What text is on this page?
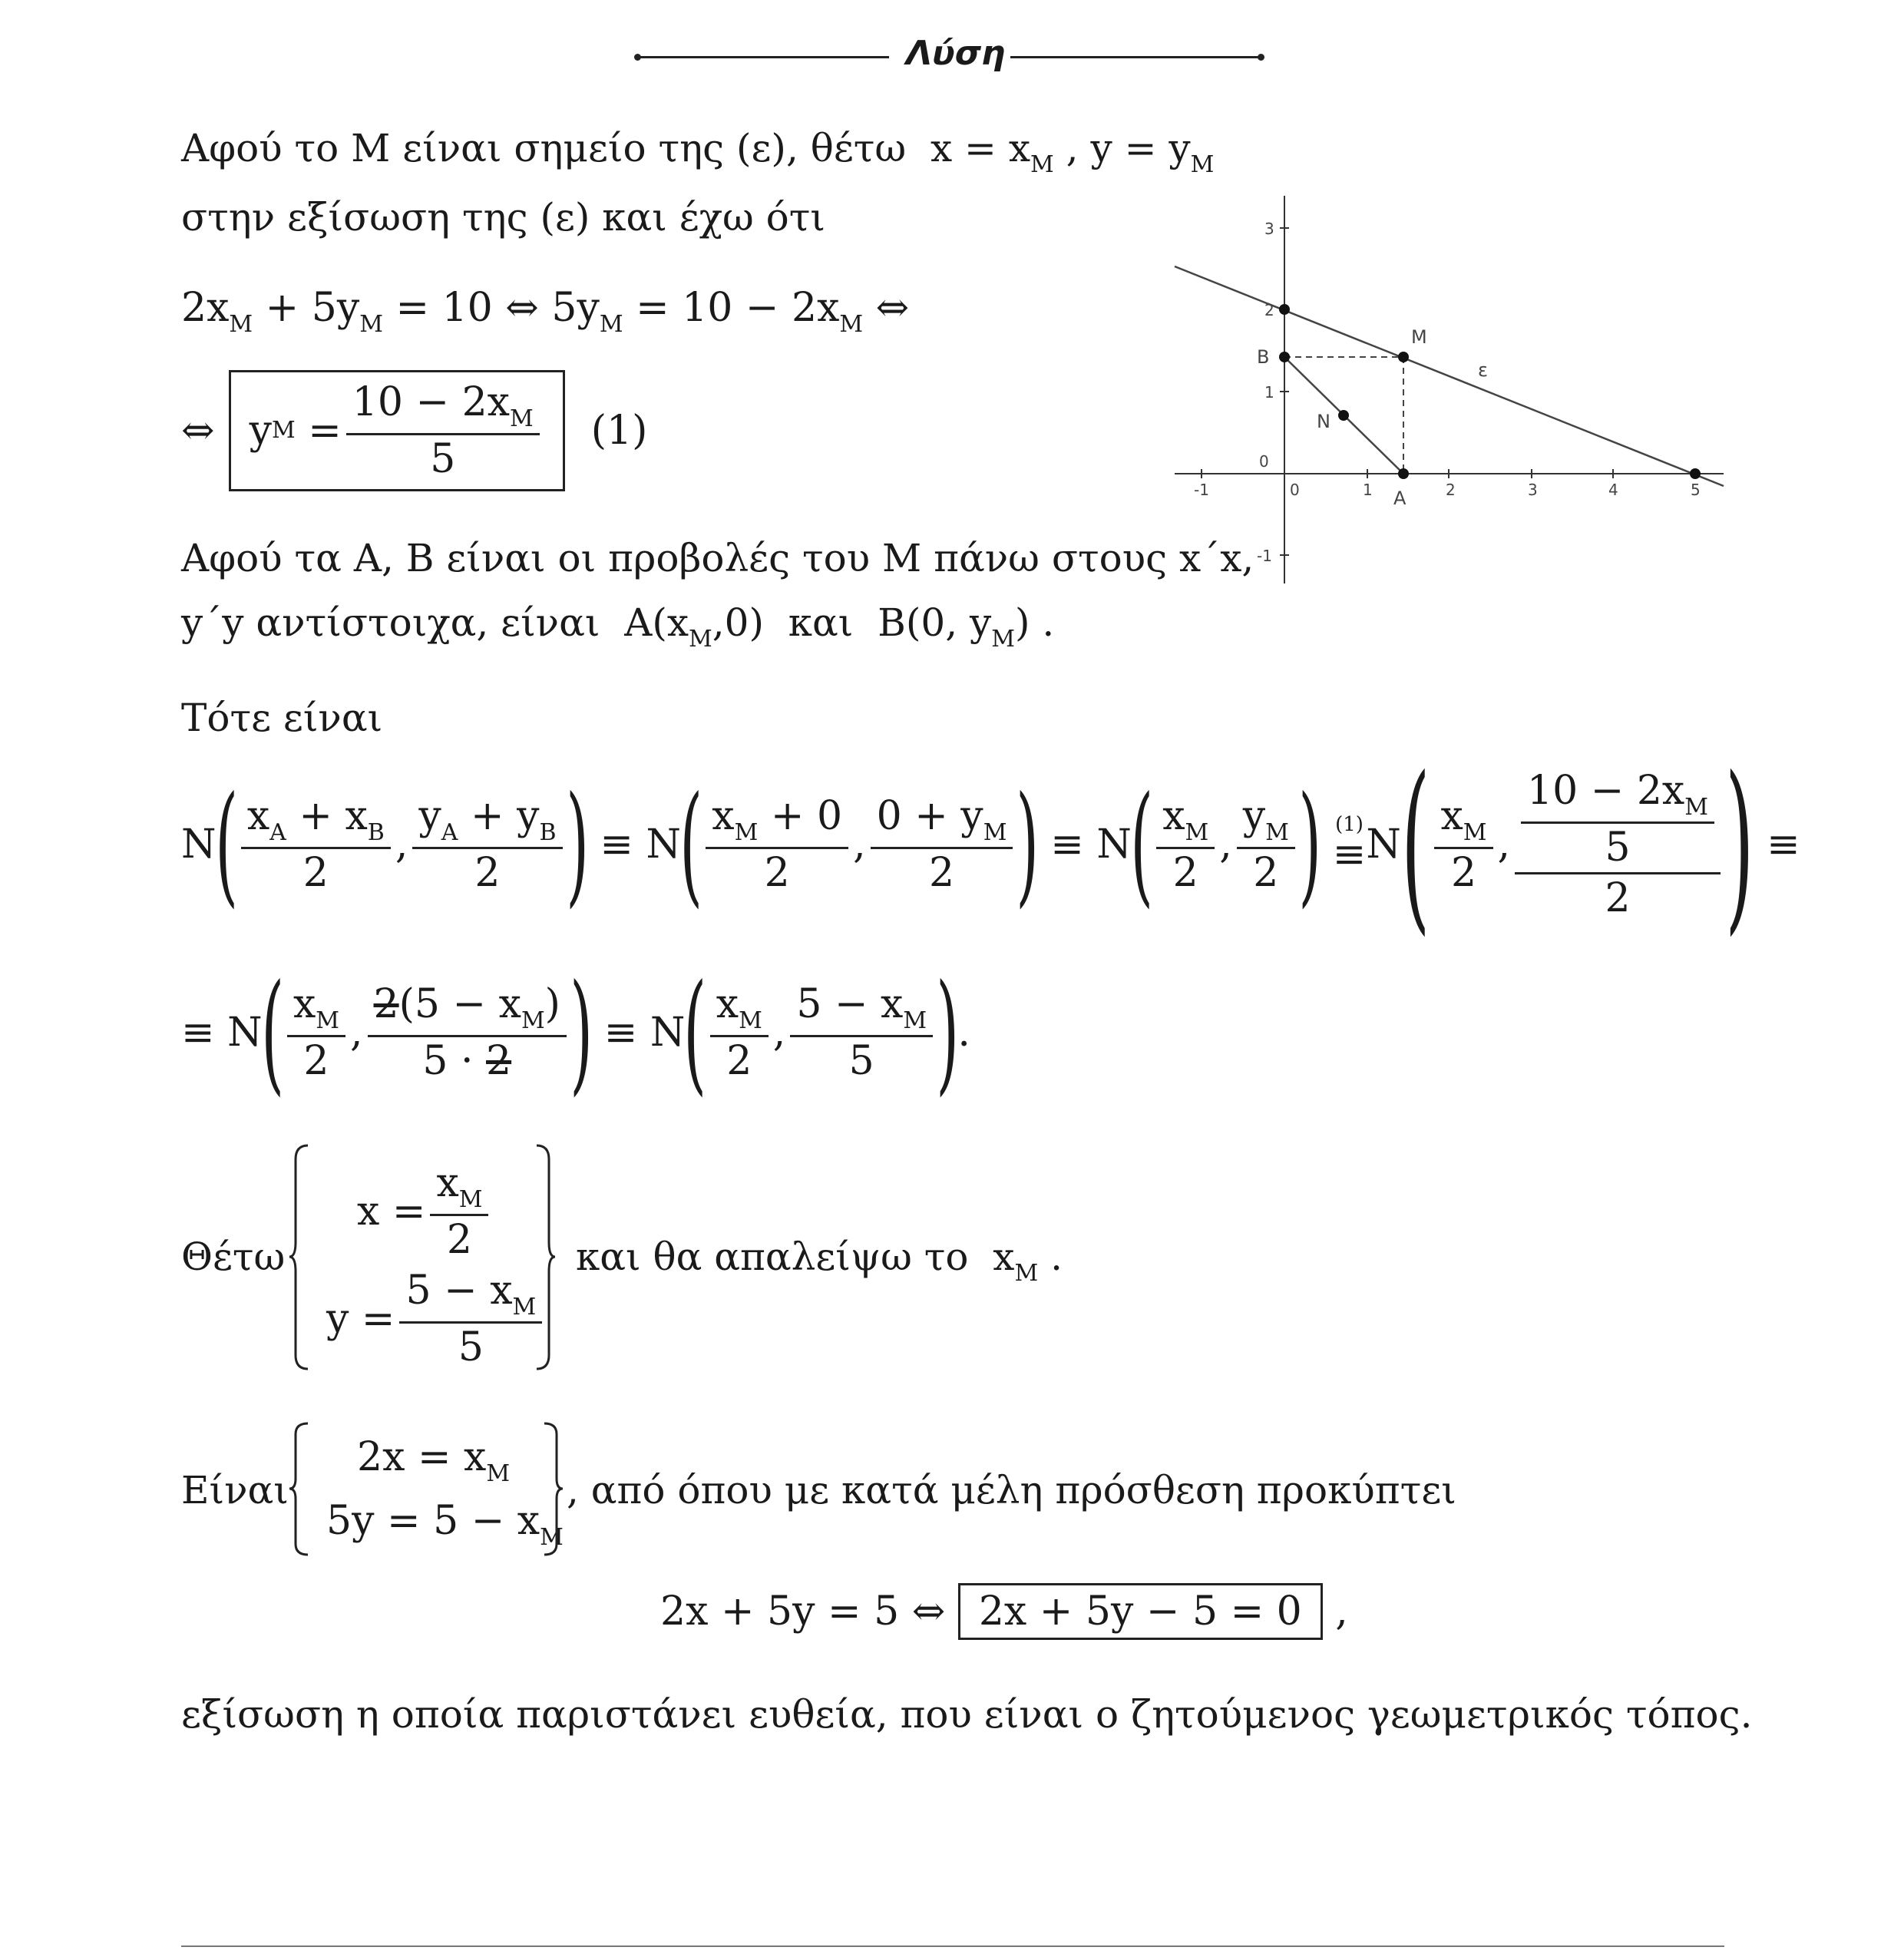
Λύση
Αφού το Μ είναι σημείο της (ε), θέτω  $x = x_M$ , $y = y_M$
στην εξίσωση της (ε) και έχω ότι
$2x_M + 5y_M = 10$ ⇔ $5y_M = 10 - 2x_M$ ⇔
⇔ y $M = \frac{10 - 2x_M}{5} (1)$
-1	0	1	2	3	4	5
3
2
1
0
-1
ε
B
M
N
A
Αφού τα Α, Β είναι οι προβολές του Μ πάνω στους x΄x,
y΄y αντίστοιχα, είναι  $A(x_M,0)$  και  B(0, $y_M$) .
Τότε είναι
N
( $\frac{x_A + x_B}{2}$ , $\frac{y_A + y_B}{2}$ )
≡ N
( $\frac{x_M + 0}{2}$ , $\frac{0 + y_M}{2}$ )
≡ N
( $\frac{x_M}{2}$ , $\frac{y_M}{2}$ )
(1)
≡ N ( $\frac{x_M}{2}$ , $\frac{\frac{10 - 2x_M}{5}}{2}$ ) ≡
≡ N
( $\frac{x_M}{2}$ , $\frac{2(5 - x_M)}{5 \cdot 2}$ )
≡ N
( $\frac{x_M}{2}$ , $\frac{5 - x_M}{5}$ )
.
Θέτω
$x = \frac{x_M}{2}$
$y = \frac{5 - x_M}{5}$
και θα απαλείψω το  $x_M$ .
Είναι
$2x = x_M$
$5y = 5 - x_M$
, από όπου με κατά μέλη πρόσθεση προκύπτει
2x + 5y = 5 ⇔ 2x + 5y − 5 = 0 ,
εξίσωση η οποία παριστάνει ευθεία, που είναι ο ζητούμενος γεωμετρικός τόπος.
